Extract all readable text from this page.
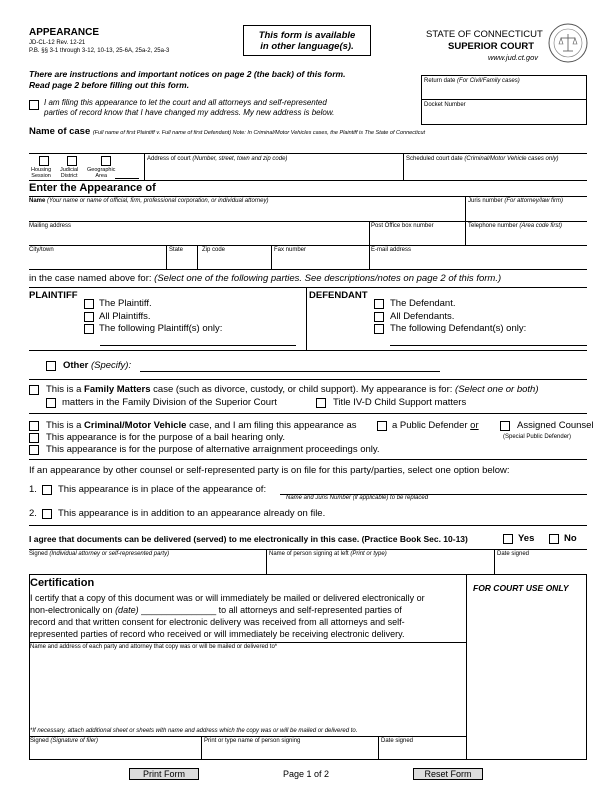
APPEARANCE
JD-CL-12 Rev. 12-21
P.B. §§ 3-1 through 3-12, 10-13, 25-6A, 25a-2, 25a-3
This form is available
in other language(s).
STATE OF CONNECTICUT
SUPERIOR COURT
www.jud.ct.gov
There are instructions and important notices on page 2 (the back) of this form.
Read page 2 before filling out this form.
I am filing this appearance to let the court and all attorneys and self-represented
parties of record know that I have changed my address. My new address is below.
Return date (For Civil/Family cases)
Docket Number
Name of case (Full name of first Plaintiff v. Full name of first Defendant) Note: In Criminal/Motor Vehicles cases, the Plaintiff is The State of Connecticut
Housing
Session
Judicial
District
Geographic
Area
Address of court (Number, street, town and zip code)	Scheduled court date (Criminal/Motor Vehicle cases only)
Enter the Appearance of
Name (Your name or name of official, firm, professional corporation, or individual attorney)	Juris number (For attorney/law firm)
Mailing address	Post Office box number	Telephone number (Area code first)
City/town	State	Zip code	Fax number	E-mail address
in the case named above for: (Select one of the following parties. See descriptions/notes on page 2 of this form.)
PLAINTIFF
The Plaintiff.
All Plaintiffs.
The following Plaintiff(s) only:
DEFENDANT
The Defendant.
All Defendants.
The following Defendant(s) only:
Other (Specify):
This is a Family Matters case (such as divorce, custody, or child support). My appearance is for: (Select one or both)
matters in the Family Division of the Superior Court	Title IV-D Child Support matters
This is a Criminal/Motor Vehicle case, and I am filing this appearance as	a Public Defender or	Assigned Counsel
(Special Public Defender)
This appearance is for the purpose of a bail hearing only.
This appearance is for the purpose of alternative arraignment proceedings only.
If an appearance by other counsel or self-represented party is on file for this party/parties, select one option below:
1. This appearance is in place of the appearance of:
Name and Juris Number (if applicable) to be replaced
2. This appearance is in addition to an appearance already on file.
I agree that documents can be delivered (served) to me electronically in this case. (Practice Book Sec. 10-13)	Yes	No
Signed (Individual attorney or self-represented party)	Name of person signing at left (Print or type)	Date signed
Certification
I certify that a copy of this document was or will immediately be mailed or delivered electronically or
non-electronically on (date) _______________ to all attorneys and self-represented parties of
record and that written consent for electronic delivery was received from all attorneys and self-
represented parties of record who received or will immediately be receiving electronic delivery.
Name and address of each party and attorney that copy was or will be mailed or delivered to*
FOR COURT USE ONLY
*If necessary, attach additional sheet or sheets with name and address which the copy was or will be mailed or delivered to.
Signed (Signature of filer)	Print or type name of person signing	Date signed
Print Form	Page 1 of 2	Reset Form
